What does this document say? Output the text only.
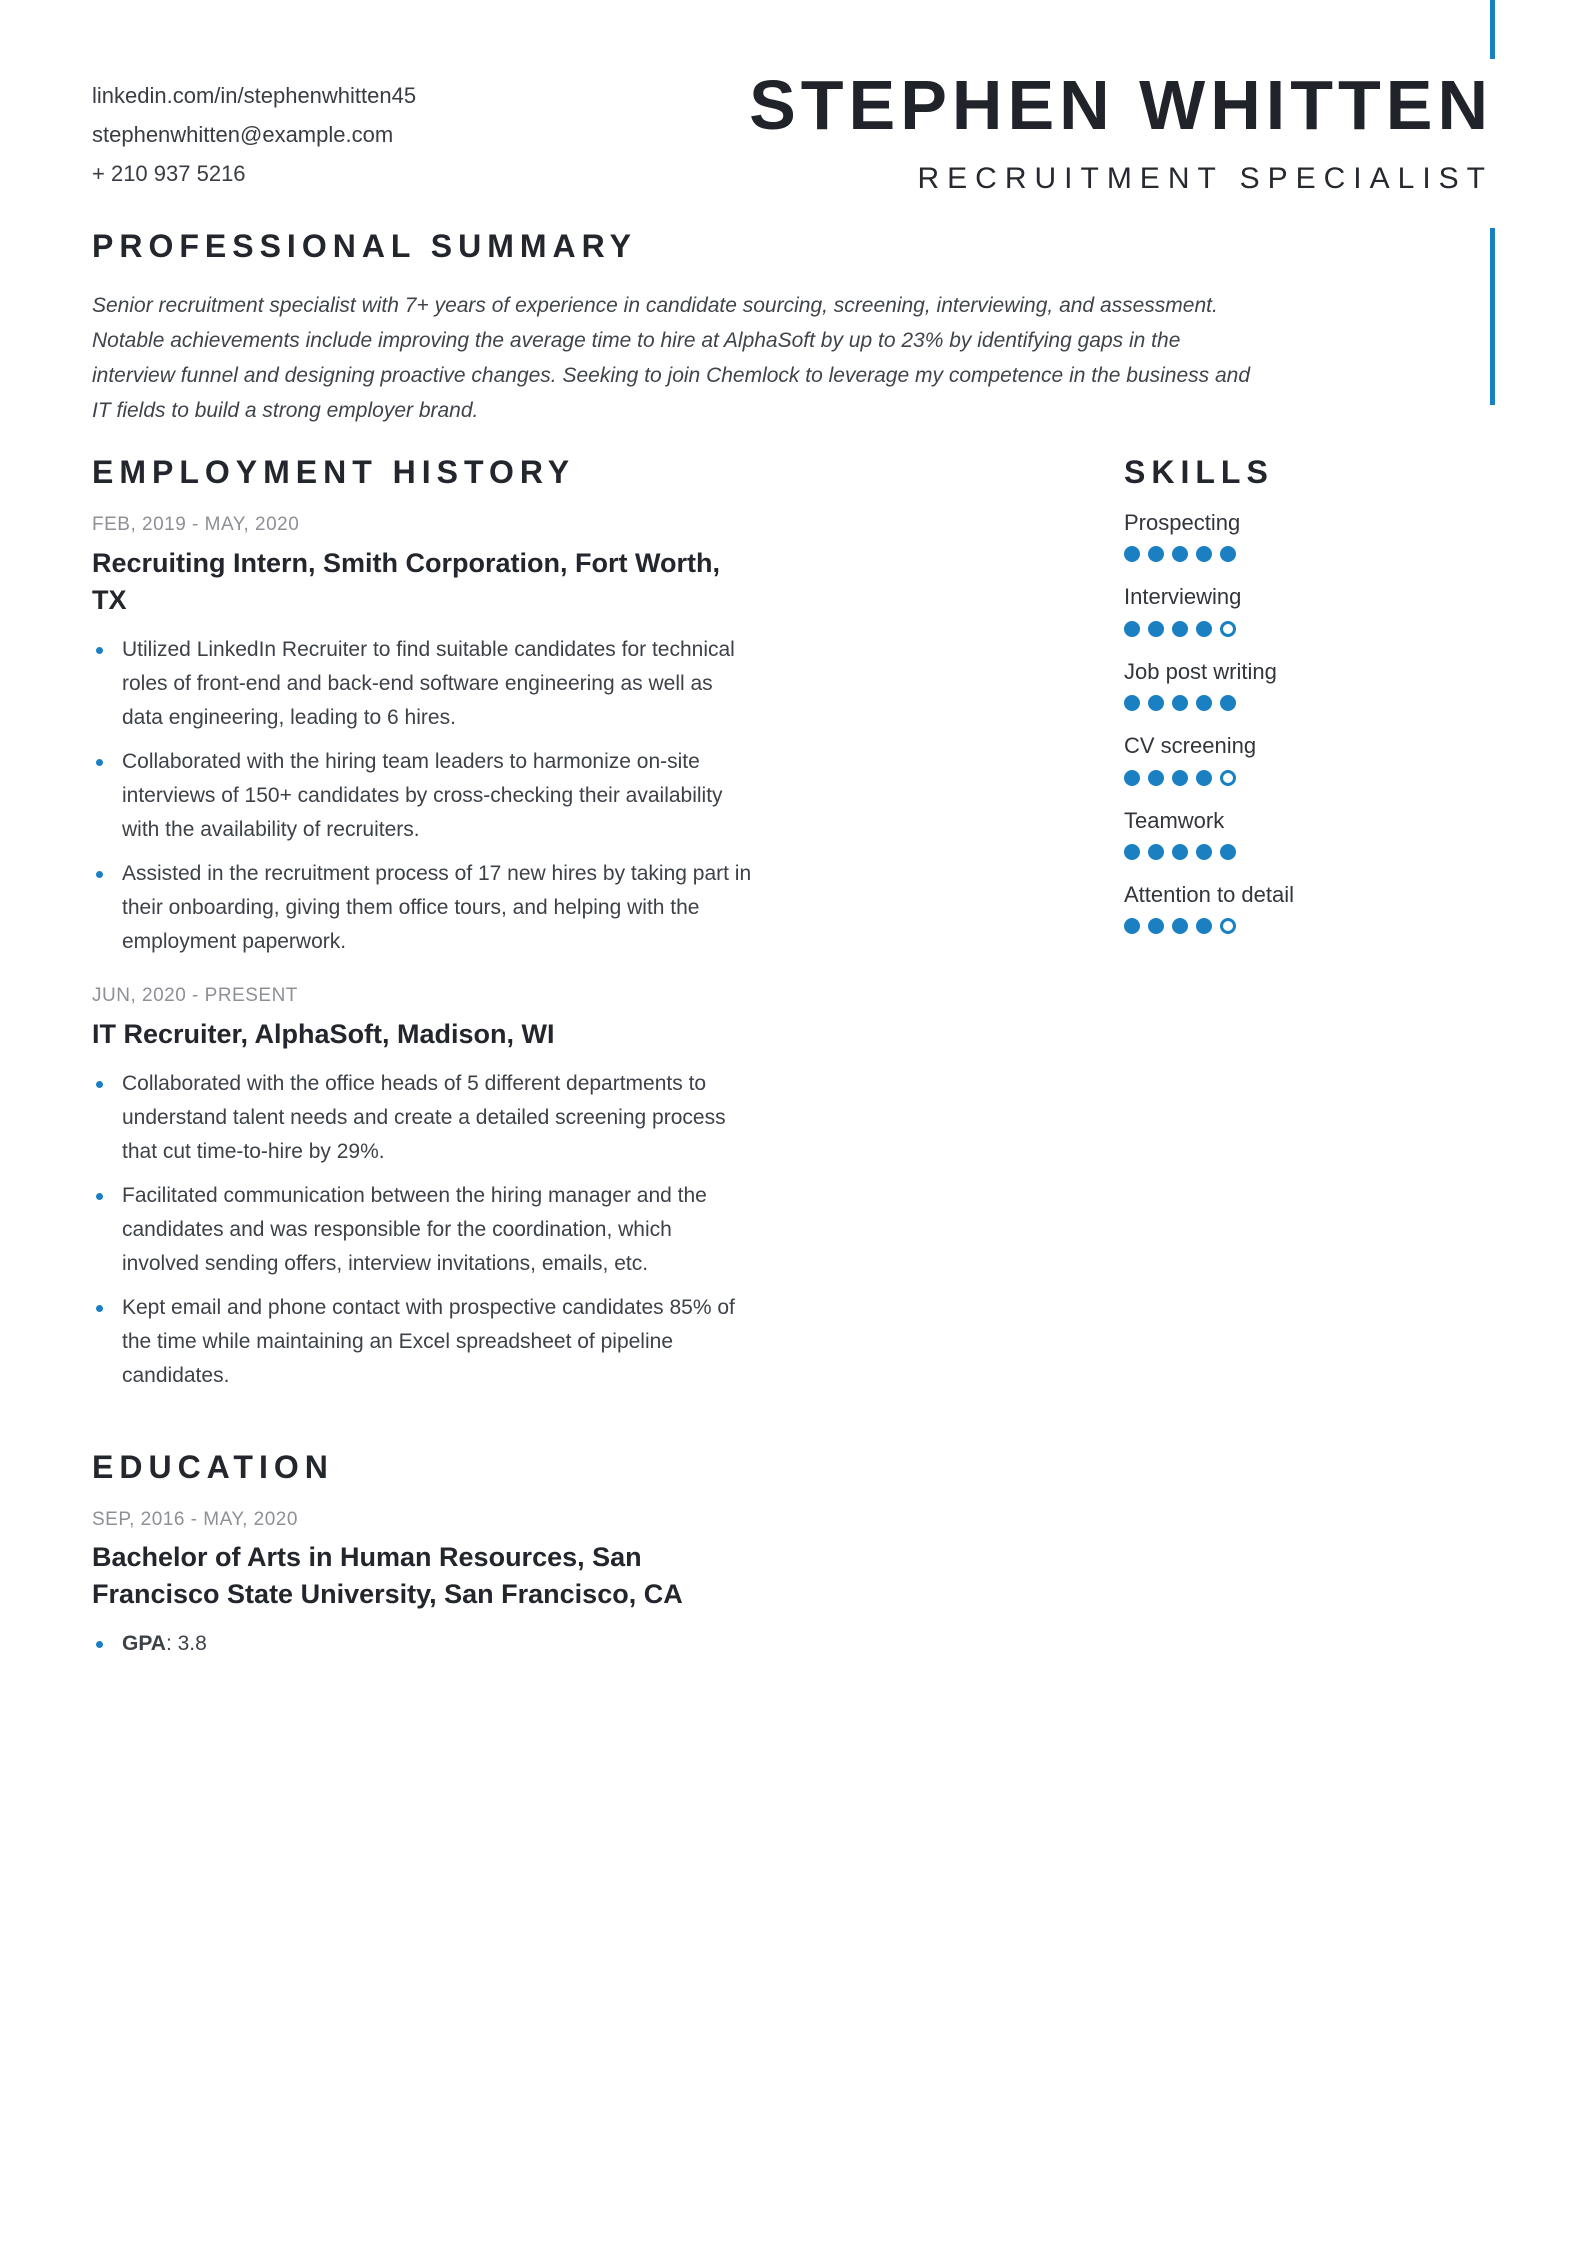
linkedin.com/in/stephenwhitten45
stephenwhitten@example.com
+ 210 937 5216
STEPHEN WHITTEN
RECRUITMENT SPECIALIST
PROFESSIONAL SUMMARY

Senior recruitment specialist with 7+ years of experience in candidate sourcing, screening, interviewing, and assessment. Notable achievements include improving the average time to hire at AlphaSoft by up to 23% by identifying gaps in the interview funnel and designing proactive changes. Seeking to join Chemlock to leverage my competence in the business and IT fields to build a strong employer brand.

EMPLOYMENT HISTORY
FEB, 2019 - MAY, 2020
Recruiting Intern, Smith Corporation, Fort Worth, TX
Utilized LinkedIn Recruiter to find suitable candidates for technical roles of front-end and back-end software engineering as well as data engineering, leading to 6 hires.
Collaborated with the hiring team leaders to harmonize on-site interviews of 150+ candidates by cross-checking their availability with the availability of recruiters.
Assisted in the recruitment process of 17 new hires by taking part in their onboarding, giving them office tours, and helping with the employment paperwork.
JUN, 2020 - PRESENT
IT Recruiter, AlphaSoft, Madison, WI
Collaborated with the office heads of 5 different departments to understand talent needs and create a detailed screening process that cut time-to-hire by 29%.
Facilitated communication between the hiring manager and the candidates and was responsible for the coordination, which involved sending offers, interview invitations, emails, etc.
Kept email and phone contact with prospective candidates 85% of the time while maintaining an Excel spreadsheet of pipeline candidates.
EDUCATION
SEP, 2016 - MAY, 2020
Bachelor of Arts in Human Resources, San Francisco State University, San Francisco, CA
GPA: 3.8
SKILLS
Prospecting
Interviewing
Job post writing
CV screening
Teamwork
Attention to detail
